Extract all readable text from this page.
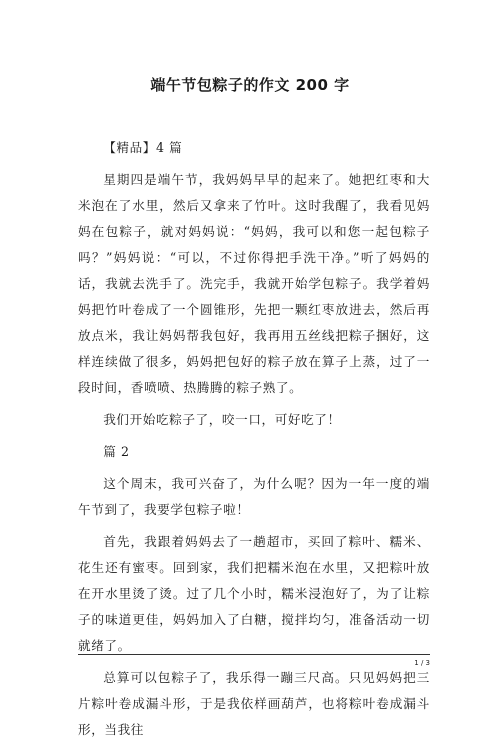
端午节包粽子的作文 200 字

【精品】4 篇

星期四是端午节，我妈妈早早的起来了。她把红枣和大米泡在了水里，然后又拿来了竹叶。这时我醒了，我看见妈妈在包粽子，就对妈妈说：“妈妈，我可以和您一起包粽子吗？”妈妈说：“可以，不过你得把手洗干净。”听了妈妈的话，我就去洗手了。洗完手，我就开始学包粽子。我学着妈妈把竹叶卷成了一个圆锥形，先把一颗红枣放进去，然后再放点米，我让妈妈帮我包好，我再用五丝线把粽子捆好，这样连续做了很多，妈妈把包好的粽子放在算子上蒸，过了一段时间，香喷喷、热腾腾的粽子熟了。

我们开始吃粽子了，咬一口，可好吃了！

篇 2

这个周末，我可兴奋了，为什么呢？因为一年一度的端午节到了，我要学包粽子啦！

首先，我跟着妈妈去了一趟超市，买回了粽叶、糯米、花生还有蜜枣。回到家，我们把糯米泡在水里，又把粽叶放在开水里烫了烫。过了几个小时，糯米浸泡好了，为了让粽子的味道更佳，妈妈加入了白糖，搅拌均匀，准备活动一切就绪了。

总算可以包粽子了，我乐得一蹦三尺高。只见妈妈把三片粽叶卷成漏斗形，于是我依样画葫芦，也将粽叶卷成漏斗形，当我往

1 / 3
